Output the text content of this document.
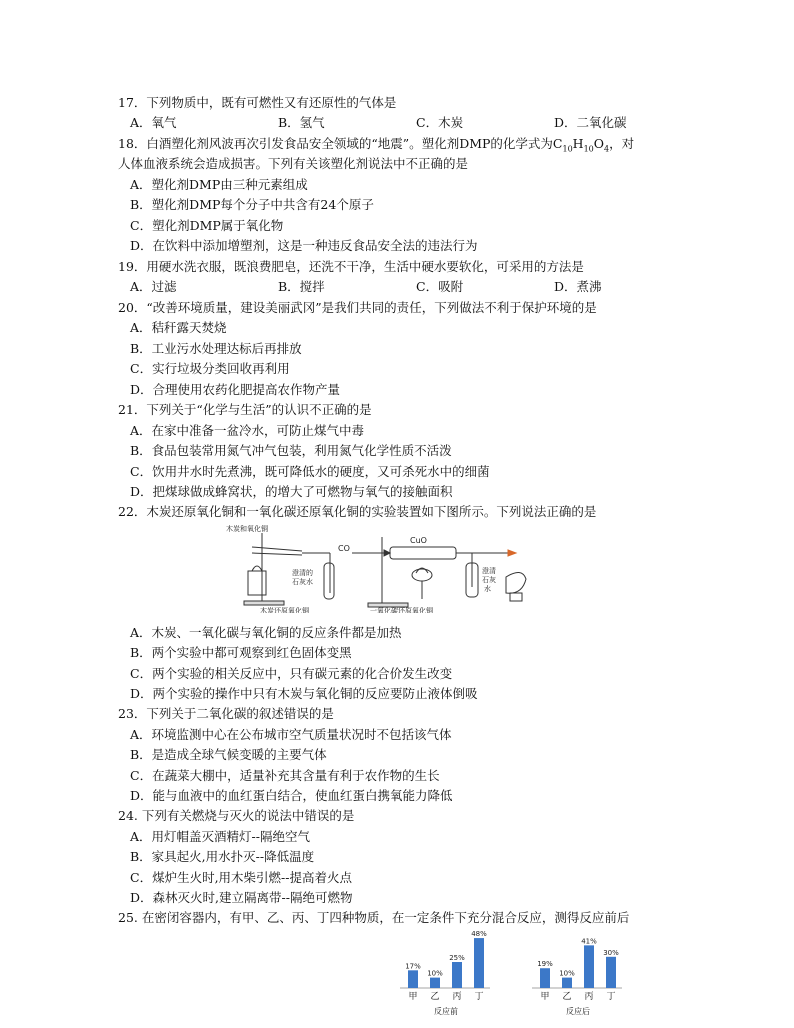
17．下列物质中，既有可燃性又有还原性的气体是
A．氧气	B．氢气	C．木炭	D．二氧化碳
18．白酒塑化剂风波再次引发食品安全领域的“地震”。塑化剂DMP的化学式为$C_{10}H_{10}O_4$，对
人体血液系统会造成损害。下列有关该塑化剂说法中不正确的是
A．塑化剂DMP由三种元素组成
B．塑化剂DMP每个分子中共含有24个原子
C．塑化剂DMP属于氧化物
D．在饮料中添加增塑剂，这是一种违反食品安全法的违法行为
19．用硬水洗衣服，既浪费肥皂，还洗不干净，生活中硬水要软化，可采用的方法是
A．过滤	B．搅拌	C．吸附	D．煮沸
20．“改善环境质量，建设美丽武冈”是我们共同的责任，下列做法不利于保护环境的是
A．秸秆露天焚烧
B．工业污水处理达标后再排放
C．实行垃圾分类回收再利用
D．合理使用农药化肥提高农作物产量
21．下列关于“化学与生活”的认识不正确的是
A．在家中准备一盆冷水，可防止煤气中毒
B．食品包装常用氮气冲气包装，利用氮气化学性质不活泼
C．饮用井水时先煮沸，既可降低水的硬度，又可杀死水中的细菌
D．把煤球做成蜂窝状，的增大了可燃物与氧气的接触面积
22．木炭还原氧化铜和一氧化碳还原氧化铜的实验装置如下图所示。下列说法正确的是
木炭和氧化铜
CO
CuO
澄清的
石灰水
澄清
石灰
水
木炭还原氧化铜	一氧化碳还原氧化铜
A．木炭、一氧化碳与氧化铜的反应条件都是加热
B．两个实验中都可观察到红色固体变黑
C．两个实验的相关反应中，只有碳元素的化合价发生改变
D．两个实验的操作中只有木炭与氧化铜的反应要防止液体倒吸
23．下列关于二氧化碳的叙述错误的是
A．环境监测中心在公布城市空气质量状况时不包括该气体
B．是造成全球气候变暖的主要气体
C．在蔬菜大棚中，适量补充其含量有利于农作物的生长
D．能与血液中的血红蛋白结合，使血红蛋白携氧能力降低
24. 下列有关燃烧与灭火的说法中错误的是
A．用灯帽盖灭酒精灯--隔绝空气
B．家具起火,用水扑灭--降低温度
C．煤炉生火时,用木柴引燃--提高着火点
D．森林灭火时,建立隔离带--隔绝可燃物
25. 在密闭容器内，有甲、乙、丙、丁四种物质，在一定条件下充分混合反应，测得反应前后
17%
甲
10%
乙
25%
丙
48%
丁
反应前
19%
甲
10%
乙
41%
丙
30%
丁
反应后
